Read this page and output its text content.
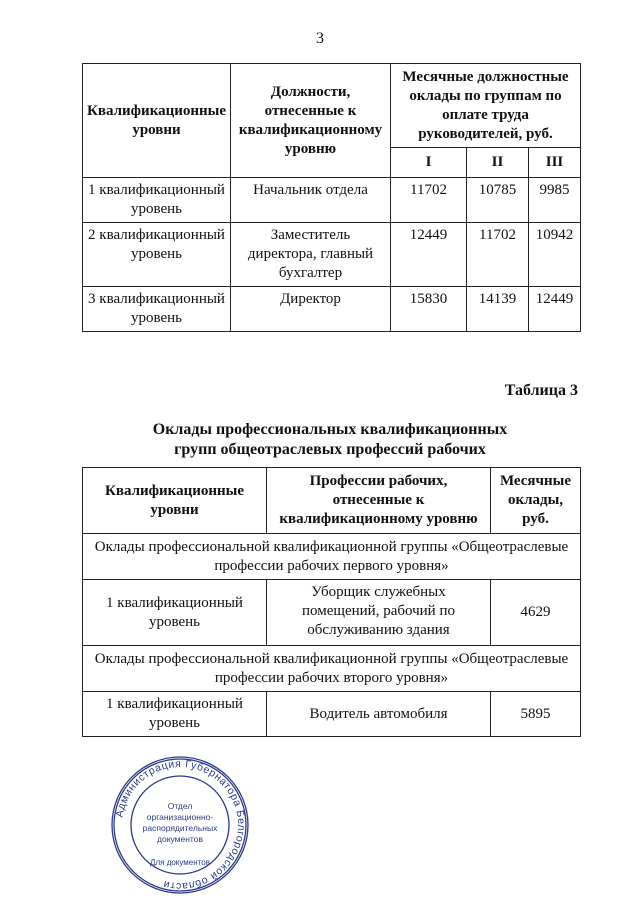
3
Квалификационные уровни	Должности, отнесенные к квалификационному уровню	Месячные должностные оклады по группам по оплате труда руководителей, руб.		
		I	II	III
1 квалификационный уровень	Начальник отдела	11702	10785	9985
2 квалификационный уровень	Заместитель директора, главный бухгалтер	12449	11702	10942
3 квалификационный уровень	Директор	15830	14139	12449
Таблица 3
Оклады профессиональных квалификационных
групп общеотраслевых профессий рабочих
Квалификационные уровни	Профессии рабочих, отнесенные к квалификационному уровню	Месячные оклады, руб.
Оклады профессиональной квалификационной группы «Общеотраслевые профессии рабочих первого уровня»		
1 квалификационный уровень	Уборщик служебных помещений, рабочий по обслуживанию здания	4629
Оклады профессиональной квалификационной группы «Общеотраслевые профессии рабочих второго уровня»		
1 квалификационный уровень	Водитель автомобиля	5895
Администрация Губернатора Белгородской области
Отдел
организационно-
распорядительных
документов
Для документов
